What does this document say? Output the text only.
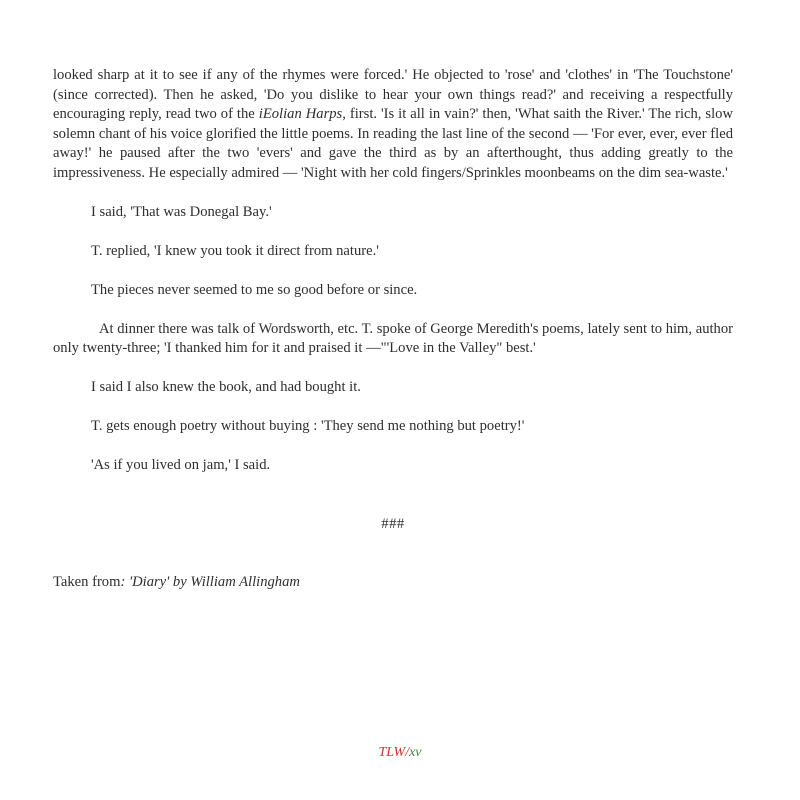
looked sharp at it to see if any of the rhymes were forced.' He objected to 'rose' and 'clothes' in 'The Touchstone' (since corrected). Then he asked, 'Do you dislike to hear your own things read?' and receiving a respectfully encouraging reply, read two of the iEolian Harps, first. 'Is it all in vain?' then, 'What saith the River.' The rich, slow solemn chant of his voice glorified the little poems. In reading the last line of the second — 'For ever, ever, ever fled away!' he paused after the two 'evers' and gave the third as by an afterthought, thus adding greatly to the impressiveness. He especially admired — 'Night with her cold fingers/Sprinkles moonbeams on the dim sea-waste.'

I said, 'That was Donegal Bay.'

T. replied, 'I knew you took it direct from nature.'

The pieces never seemed to me so good before or since.

At dinner there was talk of Wordsworth, etc. T. spoke of George Meredith's poems, lately sent to him, author only twenty-three; 'I thanked him for it and praised it —"'Love in the Valley" best.'

I said I also knew the book, and had bought it.

T. gets enough poetry without buying : 'They send me nothing but poetry!'

'As if you lived on jam,' I said.

###

Taken from: 'Diary' by William Allingham

TLW/xv
